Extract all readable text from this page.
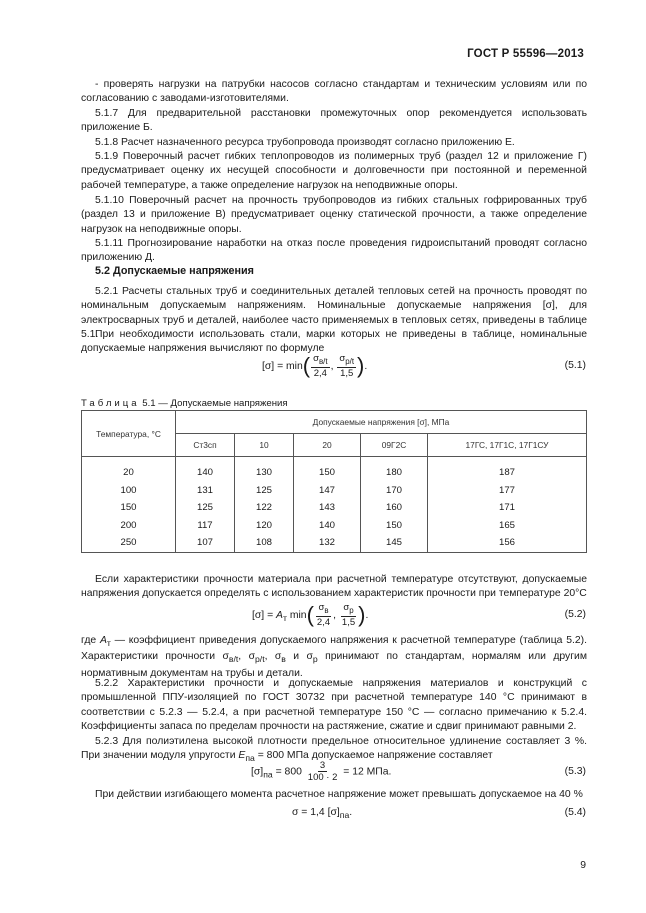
ГОСТ Р 55596—2013

- проверять нагрузки на патрубки насосов согласно стандартам и техническим условиям или по согласованию с заводами-изготовителями.

5.1.7 Для предварительной расстановки промежуточных опор рекомендуется использовать приложение Б.

5.1.8 Расчет назначенного ресурса трубопровода производят согласно приложению Е.

5.1.9 Поверочный расчет гибких теплопроводов из полимерных труб (раздел 12 и приложение Г) предусматривает оценку их несущей способности и долговечности при постоянной и переменной рабочей температуре, а также определение нагрузок на неподвижные опоры.

5.1.10 Поверочный расчет на прочность трубопроводов из гибких стальных гофрированных труб (раздел 13 и приложение В) предусматривает оценку статической прочности, а также определение нагрузок на неподвижные опоры.

5.1.11 Прогнозирование наработки на отказ после проведения гидроиспытаний проводят согласно приложению Д.

5.2 Допускаемые напряжения

5.2.1 Расчеты стальных труб и соединительных деталей тепловых сетей на прочность проводят по номинальным допускаемым напряжениям. Номинальные допускаемые напряжения [σ], для электросварных труб и деталей, наиболее часто применяемых в тепловых сетях, приведены в таблице 5.1.

При необходимости использовать стали, марки которых не приведены в таблице, номинальные допускаемые напряжения вычисляют по формуле

$[\sigma] = \min( \frac{\sigma_{в/t}}{2,4}$ , $\frac{\sigma_{p/t}}{1,5}$ ).	(5.1)
Таблица 5.1 — Допускаемые напряжения
Температура, °С	Допускаемые напряжения [σ], МПа				
	Ст3сп	10	20	09Г2С	17ГС, 17Г1С, 17Г1СУ
20	140	130	150	180	187
100	131	125	147	170	177
150	125	122	143	160	171
200	117	120	140	150	165
250	107	108	132	145	156

Если характеристики прочности материала при расчетной температуре отсутствуют, допускаемые напряжения допускается определять с использованием характеристик прочности при температуре 20°С

$[\sigma] = A_т$ $\min( \frac{\sigma_в}{2,4}$ , $\frac{\sigma_p}{1,5}$ ).	(5.2)

где $A_т$ — коэффициент приведения допускаемого напряжения к расчетной температуре (таблица 5.2). Характеристики прочности $\sigma_{в/t}$, $\sigma_{p/t}$, $\sigma_в$ и $\sigma_p$ принимают по стандартам, нормалям или другим нормативным документам на трубы и детали.

5.2.2 Характеристики прочности и допускаемые напряжения материалов и конструкций с промышленной ППУ-изоляцией по ГОСТ 30732 при расчетной температуре 140 °С принимают в соответствии с 5.2.3 — 5.2.4, а при расчетной температуре 150 °С — согласно примечанию к 5.2.4. Коэффициенты запаса по пределам прочности на растяжение, сжатие и сдвиг принимают равными 2.

5.2.3 Для полиэтилена высокой плотности предельное относительное удлинение составляет 3 %. При значении модуля упругости $E_{па} = 800$ МПа допускаемое напряжение составляет

$[\sigma]_{па} = 800 \frac{3}{100 \cdot 2} = 12$ МПа.	(5.3)

При действии изгибающего момента расчетное напряжение может превышать допускаемое на 40 %

σ = 1,4 $[\sigma]_{па}$.	(5.4)
9
